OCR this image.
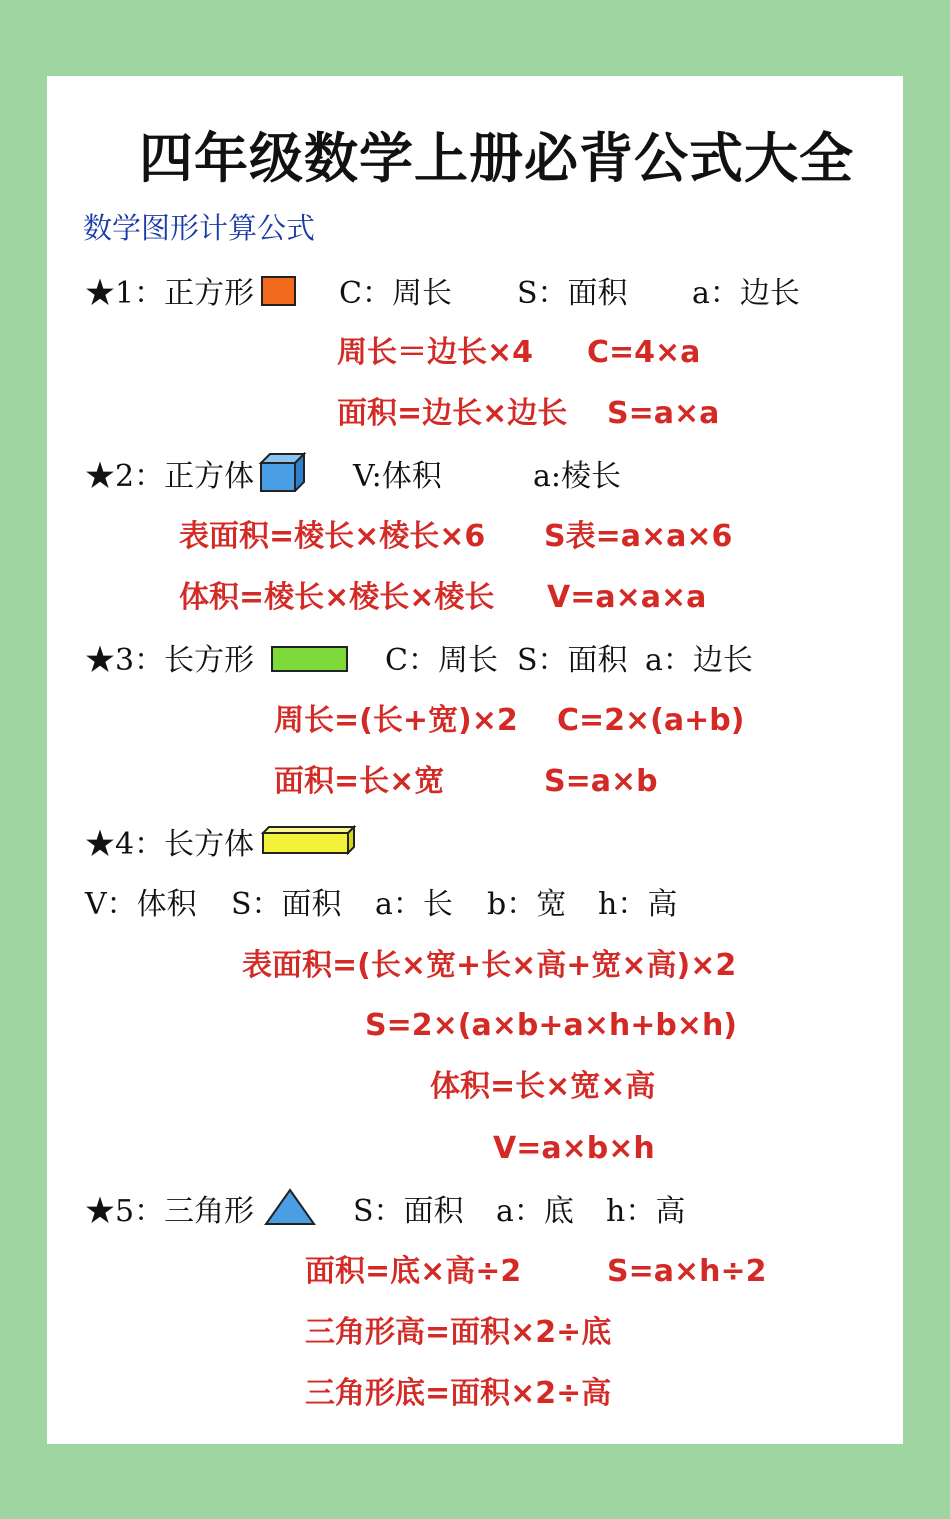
四年级数学上册必背公式大全
数学图形计算公式
★1：正方形	C：周长 S：面积 a：边长
周长＝边长×4 C=4×a
面积=边长×边长 S=a×a
★2：正方体	V:体积	a:棱长
表面积=棱长×棱长×6 S表=a×a×6
体积=棱长×棱长×棱长 V=a×a×a
★3：长方形	C：周长 S：面积 a：边长
周长=(长+宽)×2 C=2×(a+b)
面积=长×宽	S=a×b
★4：长方体
V：体积 S：面积 a：长 b：宽 h：高
表面积=(长×宽+长×高+宽×高)×2
S=2×(a×b+a×h+b×h)
体积=长×宽×高
V=a×b×h
★5：三角形	S：面积 a：底 h：高
面积=底×高÷2	S=a×h÷2
三角形高=面积×2÷底
三角形底=面积×2÷高
